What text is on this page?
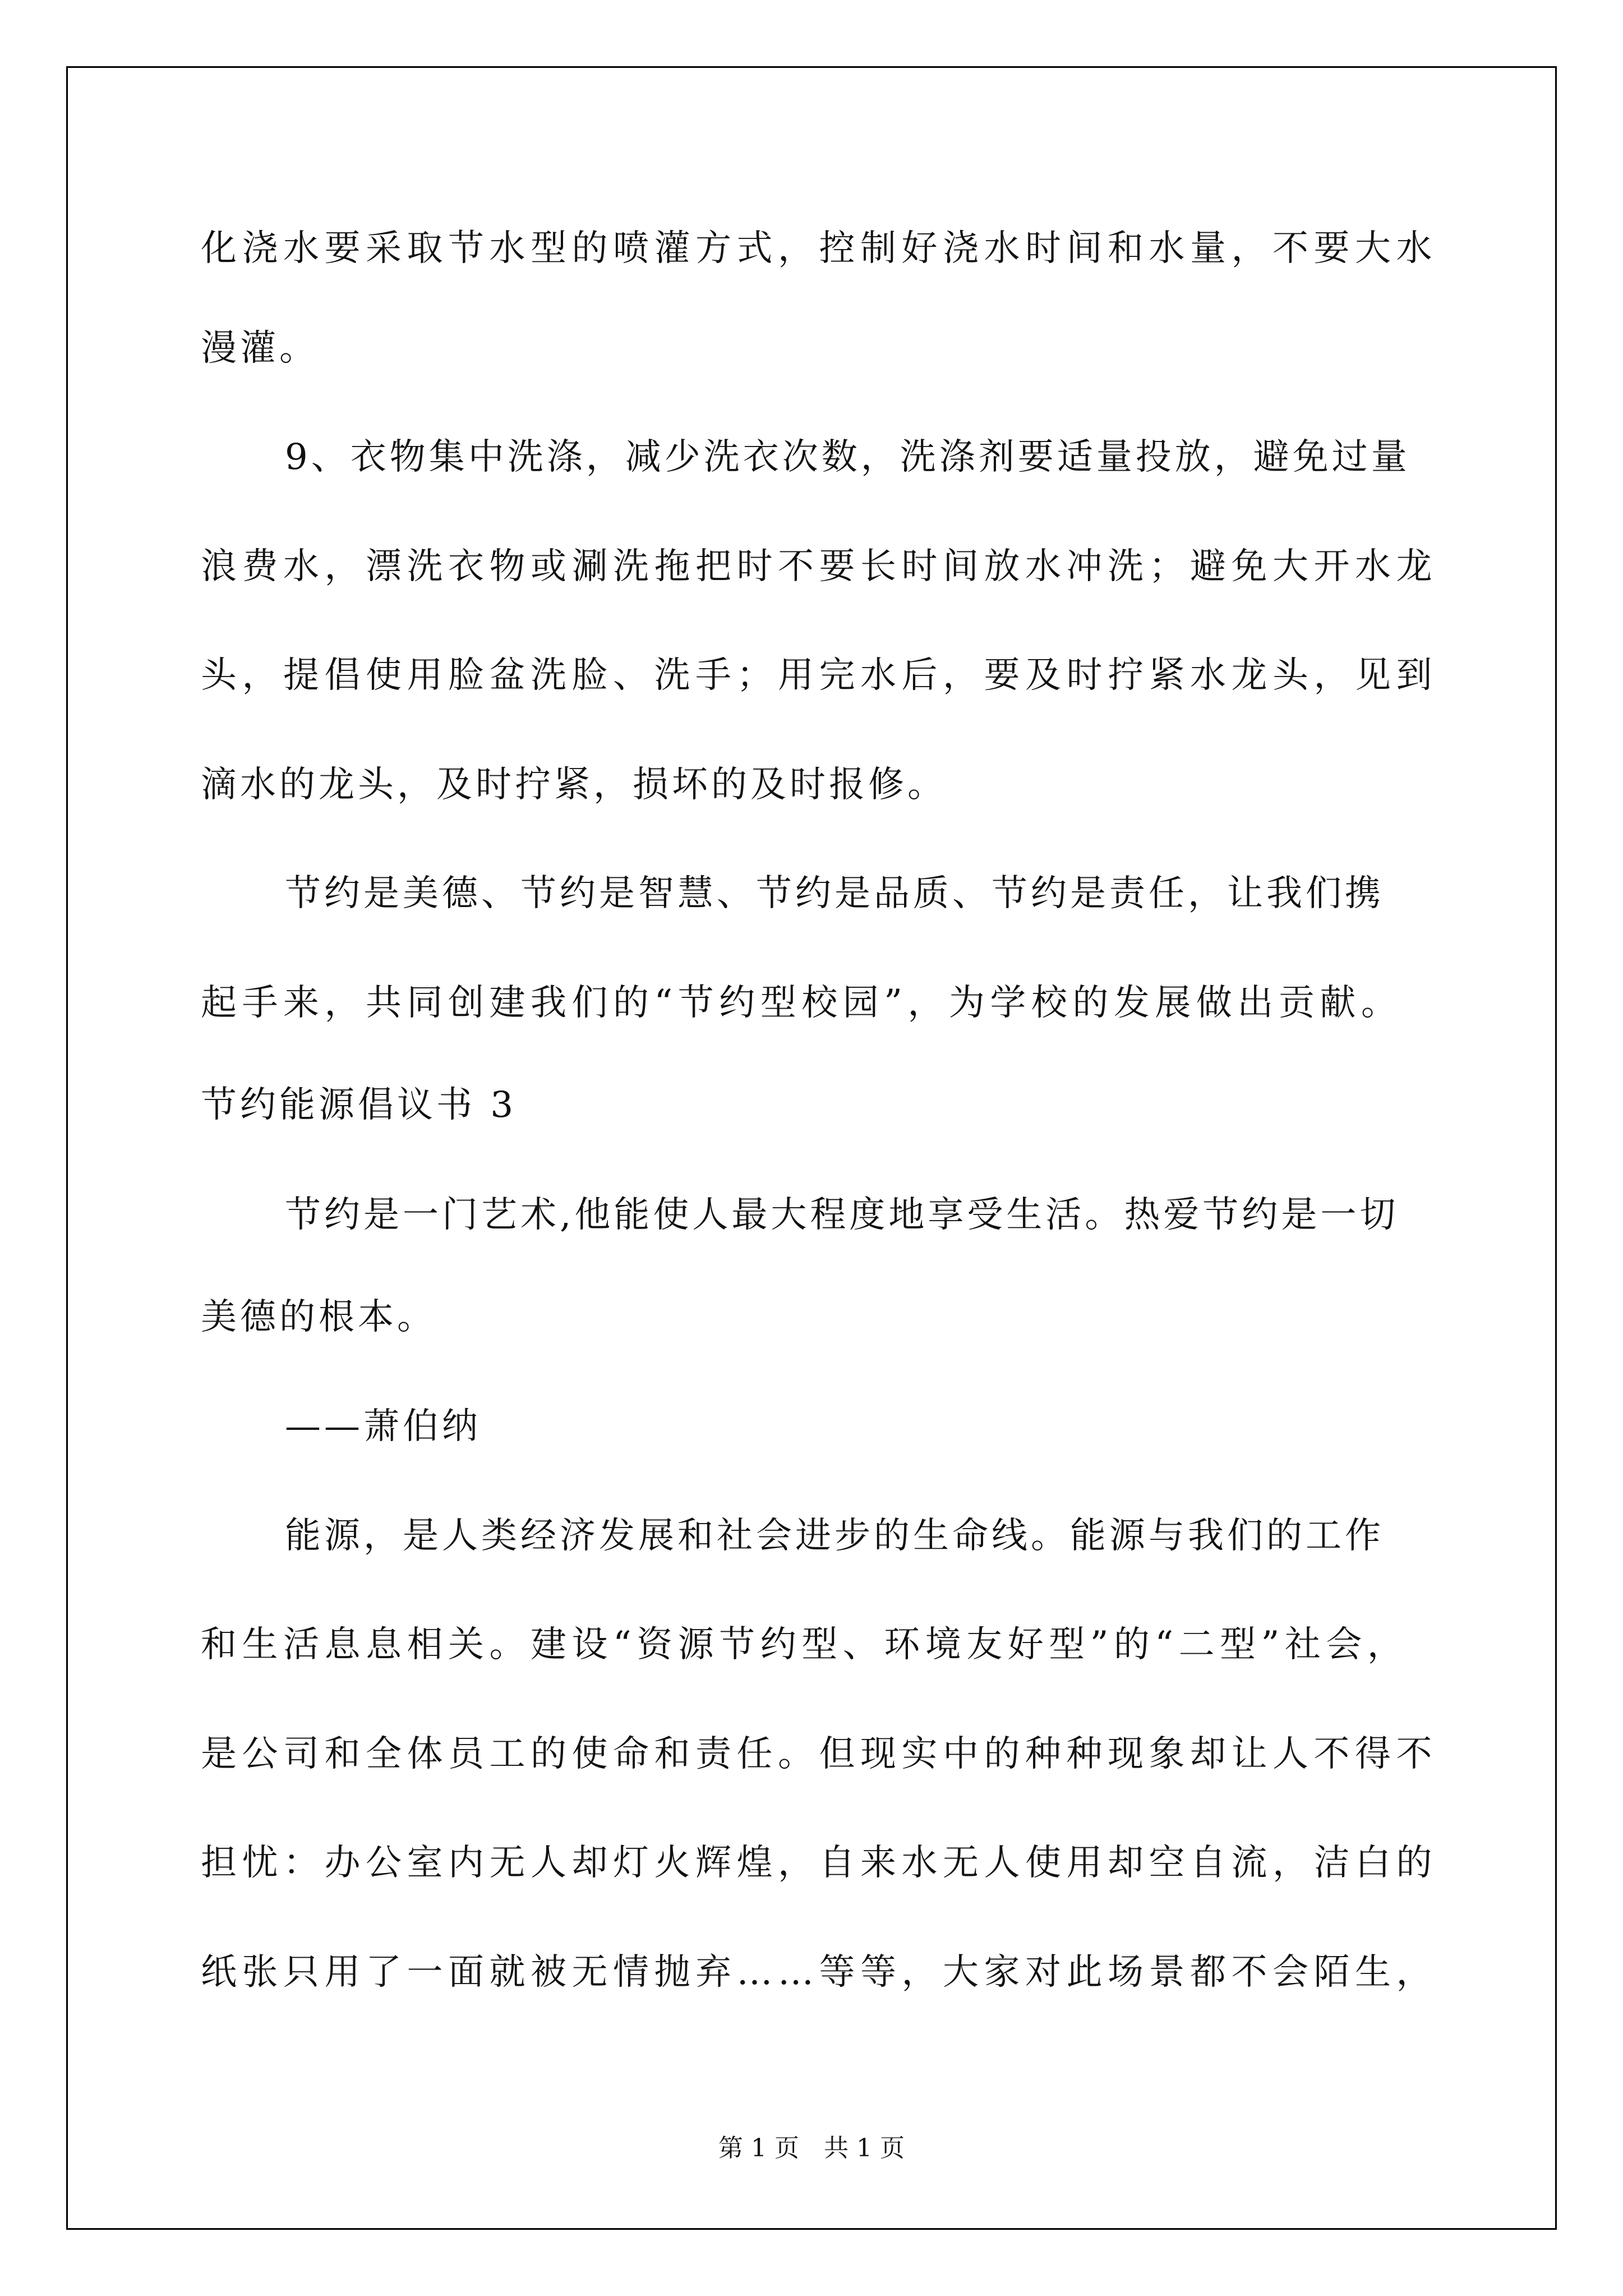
化浇水要采取节水型的喷灌方式，控制好浇水时间和水量，不要大水
漫灌。
9、衣物集中洗涤，减少洗衣次数，洗涤剂要适量投放，避免过量
浪费水，漂洗衣物或涮洗拖把时不要长时间放水冲洗；避免大开水龙
头，提倡使用脸盆洗脸、洗手；用完水后，要及时拧紧水龙头，见到
滴水的龙头，及时拧紧，损坏的及时报修。
节约是美德、节约是智慧、节约是品质、节约是责任，让我们携
起手来，共同创建我们的“节约型校园”，为学校的发展做出贡献。
节约能源倡议书 3
节约是一门艺术,他能使人最大程度地享受生活。热爱节约是一切
美德的根本。
——萧伯纳
能源，是人类经济发展和社会进步的生命线。能源与我们的工作
和生活息息相关。建设“资源节约型、环境友好型”的“二型”社会，
是公司和全体员工的使命和责任。但现实中的种种现象却让人不得不
担忧：办公室内无人却灯火辉煌，自来水无人使用却空自流，洁白的
纸张只用了一面就被无情抛弃……等等，大家对此场景都不会陌生，
第 1 页　共 1 页
